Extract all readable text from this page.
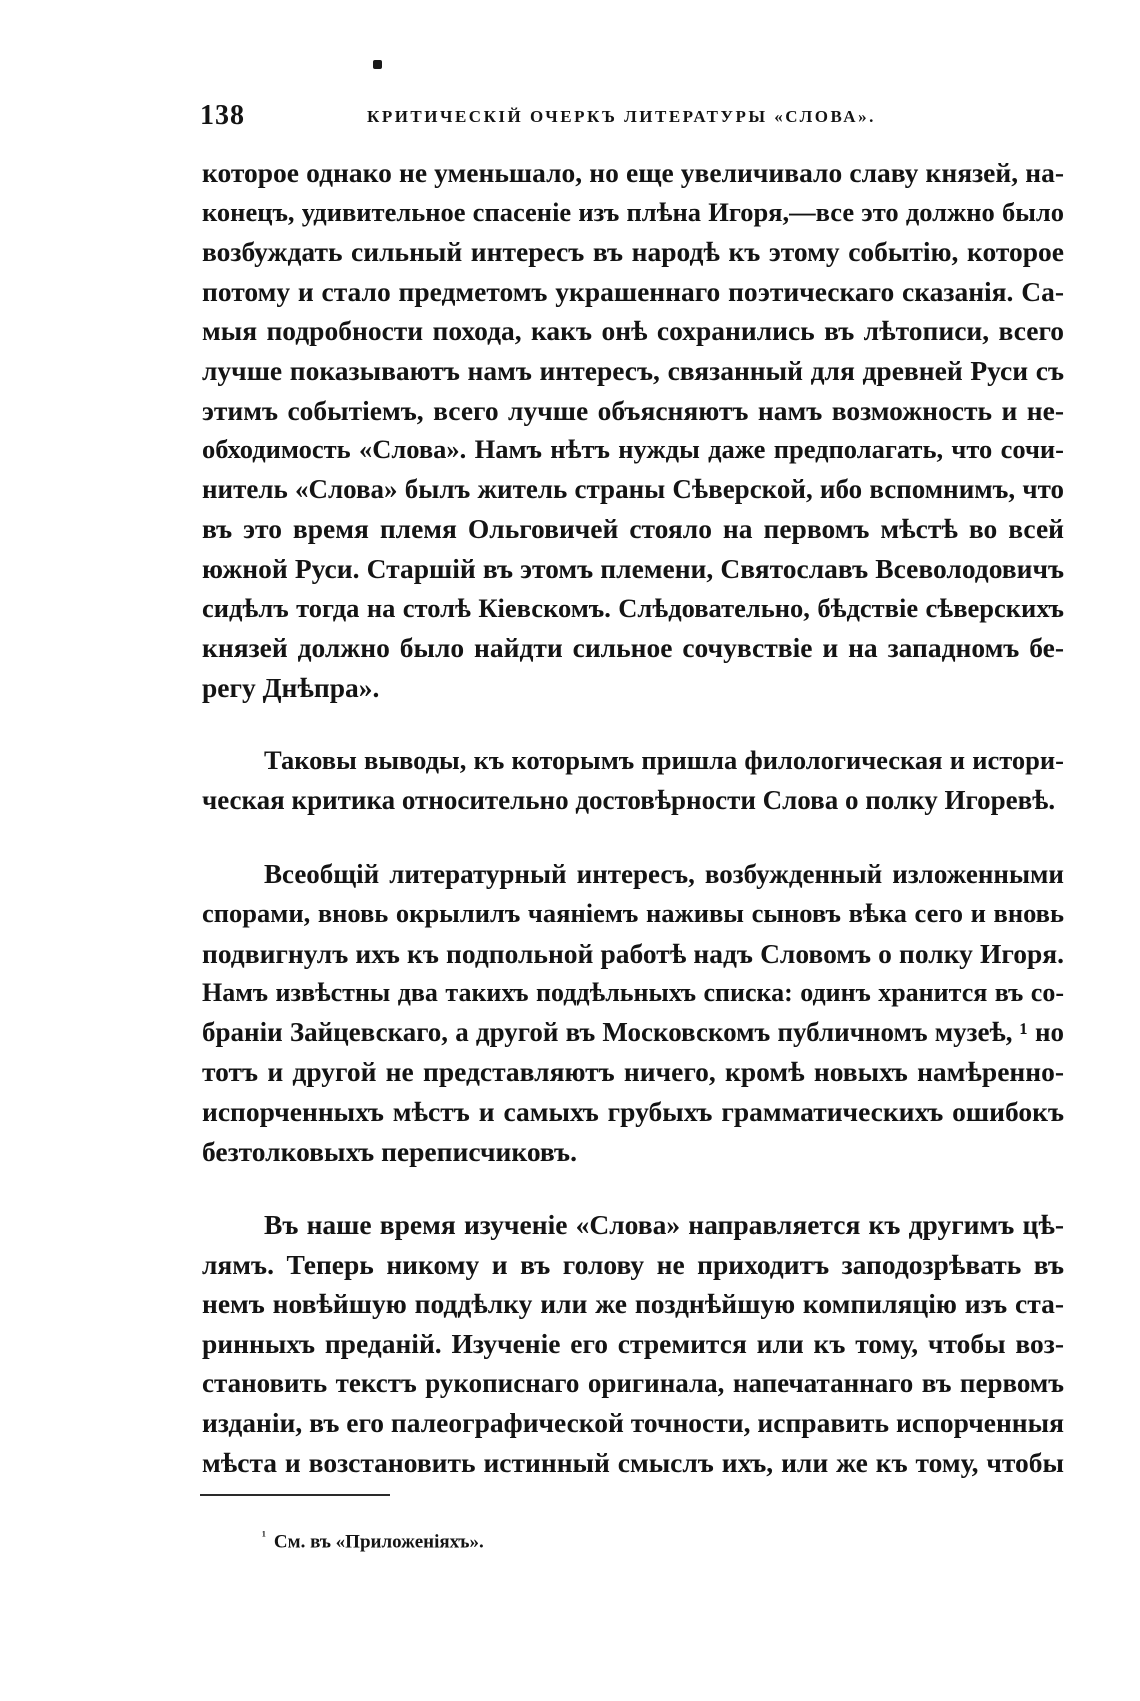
138	КРИТИЧЕСКІЙ ОЧЕРКЪ ЛИТЕРАТУРЫ «СЛОВА».
которое однако не уменьшало, но еще увеличивало славу князей, на-
конецъ, удивительное спасеніе изъ плѣна Игоря,—все это должно было
возбуждать сильный интересъ въ народѣ къ этому событію, которое
потому и стало предметомъ украшеннаго поэтическаго сказанія. Са-
мыя подробности похода, какъ онѣ сохранились въ лѣтописи, всего
лучше показываютъ намъ интересъ, связанный для древней Руси съ
этимъ событіемъ, всего лучше объясняютъ намъ возможность и не-
обходимость «Слова». Намъ нѣтъ нужды даже предполагать, что сочи-
нитель «Слова» былъ житель страны Сѣверской, ибо вспомнимъ, что
въ это время племя Ольговичей стояло на первомъ мѣстѣ во всей
южной Руси. Старшій въ этомъ племени, Святославъ Всеволодовичъ
сидѣлъ тогда на столѣ Кіевскомъ. Слѣдовательно, бѣдствіе сѣверскихъ
князей должно было найдти сильное сочувствіе и на западномъ бе-
регу Днѣпра».
Таковы выводы, къ которымъ пришла филологическая и истори-
ческая критика относительно достовѣрности Слова о полку Игоревѣ.
Всеобщій литературный интересъ, возбужденный изложенными
спорами, вновь окрылилъ чаяніемъ наживы сыновъ вѣка сего и вновь
подвигнулъ ихъ къ подпольной работѣ надъ Словомъ о полку Игоря.
Намъ извѣстны два такихъ поддѣльныхъ списка: одинъ хранится въ со-
браніи Зайцевскаго, а другой въ Московскомъ публичномъ музеѣ, ¹ но
тотъ и другой не представляютъ ничего, кромѣ новыхъ намѣренно-
испорченныхъ мѣстъ и самыхъ грубыхъ грамматическихъ ошибокъ
безтолковыхъ переписчиковъ.
Въ наше время изученіе «Слова» направляется къ другимъ цѣ-
лямъ. Теперь никому и въ голову не приходитъ заподозрѣвать въ
немъ новѣйшую поддѣлку или же позднѣйшую компиляцію изъ ста-
ринныхъ преданій. Изученіе его стремится или къ тому, чтобы воз-
становить текстъ рукописнаго оригинала, напечатаннаго въ первомъ
изданіи, въ его палеографической точности, исправить испорченныя
мѣста и возстановить истинный смыслъ ихъ, или же къ тому, чтобы
$^{^1}$ См. въ «Приложеніяхъ».
